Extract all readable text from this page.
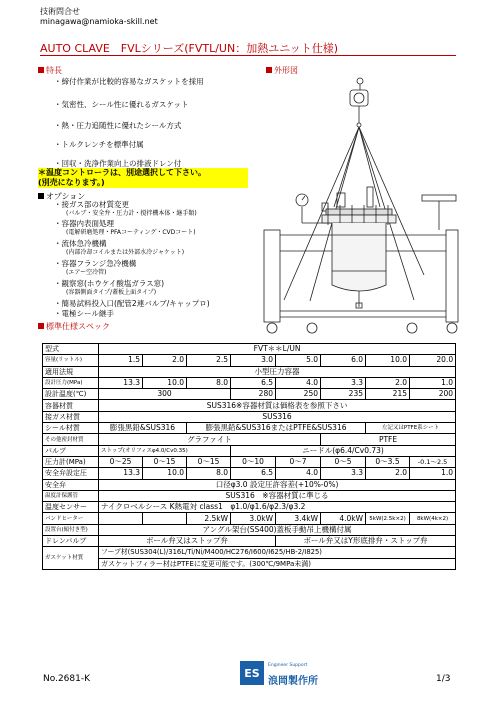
技術問合せ
minagawa@namioka-skill.net
AUTO CLAVE　FVLシリーズ(FVTL/UN：加熱ユニット仕様)
特長	外形図
・締付作業が比較的容易なガスケットを採用
・気密性、シール性に優れるガスケット
・熱・圧力追随性に優れたシール方式
・トルクレンチを標準付属
・回収・洗浄作業向上の排液ドレン付
＊温度コントローラは、別途選択して下さい。
(別売になります。)
オプション
・接ガス部の材質変更
(バルブ・安全弁・圧力計・撹拌機本体・継手類)
・容器内表面処理
(電解研磨処理・PFAコーティング・CVDコート)
・流体急冷機構
(内部冷却コイルまたは外部水冷ジャケット)
・容器フランジ急冷機構
(エアー空冷管)
・観察窓(ホウケイ酸塩ガラス窓)
(容器側面タイプ/蓋板上面タイプ)
・簡易試料投入口(配管2連バルブ/キャップロ)
・電極シール継手
標準仕様スペック
型式	FVT＊＊L/UN							
容量(リットル)	1.5	2.0	2.5	3.0	5.0	6.0	10.0	20.0
適用法規	小型圧力容器							
設計圧力(MPa)	13.3	10.0	8.0	6.5	4.0	3.3	2.0	1.0
設計温度(℃)	300			280	250	235	215	200
容器材質	SUS316※容器材質は価格表を参照下さい							
接ガス材質	SUS316							
シール材質	膨張黒鉛&SUS316		膨張黒鉛&SUS316またはPTFE&SUS316				左記又はPTFE系シート	
その他密封材質	グラファイト					PTFE		
バルブ	ストップ(オリフィスφ4.0/Cv0.35)			ニードル(φ6.4/Cv0.73)				
圧力計(MPa)	0～25	0～15	0～15	0～10	0～7	0～5	0～3.5	-0.1～2.5
安全弁設定圧	13.3	10.0	8.0	6.5	4.0	3.3	2.0	1.0
安全弁	口径φ3.0 設定圧許容差(+10%-0%)							
温度計保護管	SUS316　※容器材質に準じる							
温度センサー	ナイクロベルシース K熱電対 class1　φ1.0/φ1.6/φ2.3/φ3.2							
バンドヒーター			2.5kW	3.0kW	3.4kW	4.0kW	5kW(2.5k×2)	8kW(4k×2)
設置台(傾付き型)	アングル架台(SS400)蓋板手動吊上機構付属							
ドレンバルブ	ボール弁又はストップ弁				ボール弁又はY形底排弁・ストップ弁			
ガスケット材質	フープ材(SUS304(L)/316L/Ti/Ni/M400/HC276/I600/I625/HB-2/I825)							
	ガスケットフィラー材はPTFEに変更可能です。(300℃/9MPa未満)							
No.2681-K	ES
Engineer Support
浪岡製作所	1/3
